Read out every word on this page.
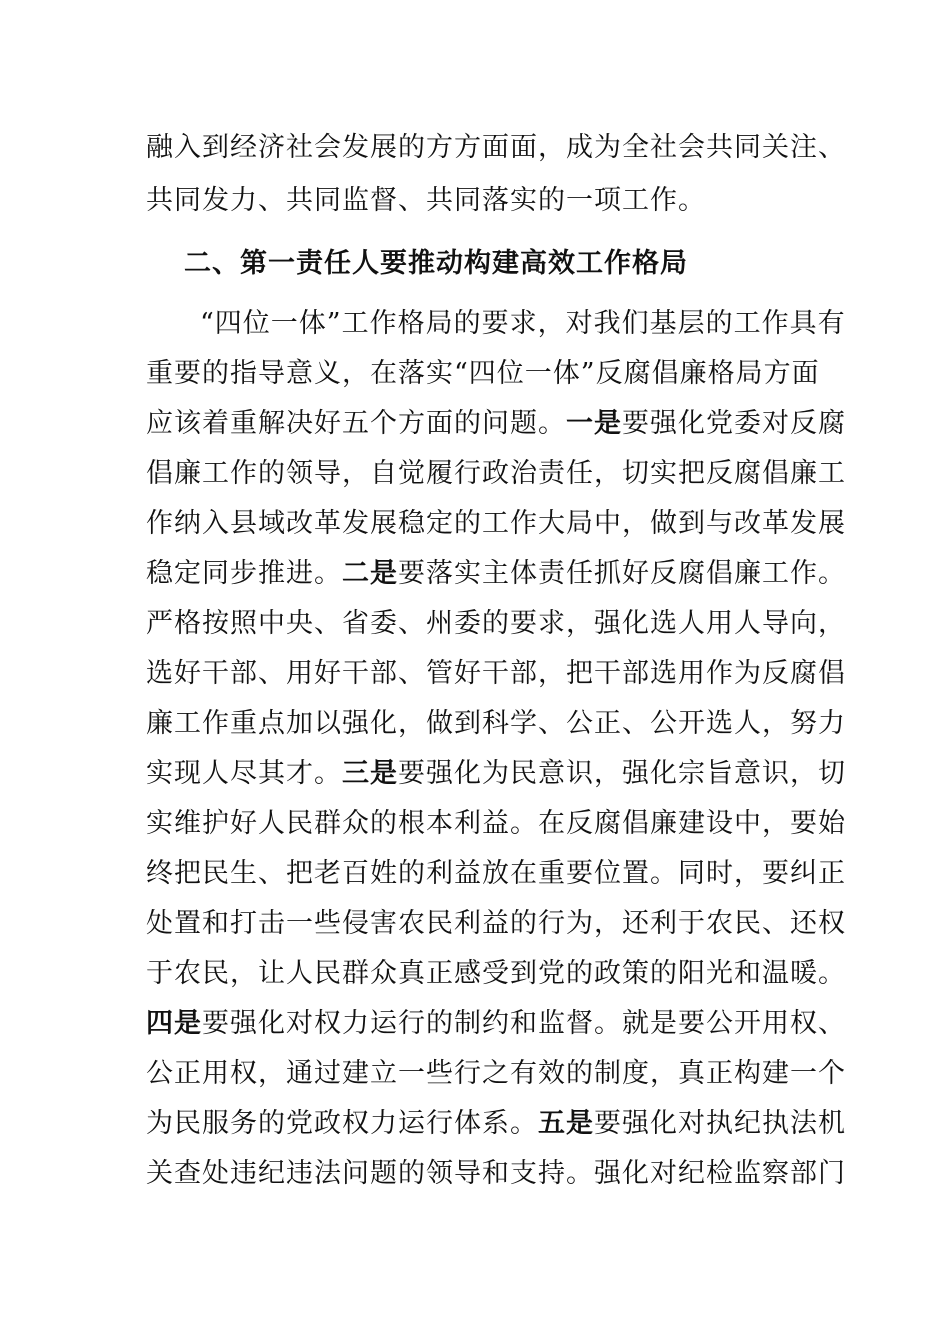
融入到经济社会发展的方方面面，成为全社会共同关注、
共同发力、共同监督、共同落实的一项工作。
二、第一责任人要推动构建高效工作格局
“四位一体”工作格局的要求，对我们基层的工作具有
重要的指导意义，在落实“四位一体”反腐倡廉格局方面
应该着重解决好五个方面的问题。一是要强化党委对反腐
倡廉工作的领导，自觉履行政治责任，切实把反腐倡廉工
作纳入县域改革发展稳定的工作大局中，做到与改革发展
稳定同步推进。二是要落实主体责任抓好反腐倡廉工作。
严格按照中央、省委、州委的要求，强化选人用人导向，
选好干部、用好干部、管好干部，把干部选用作为反腐倡
廉工作重点加以强化，做到科学、公正、公开选人，努力
实现人尽其才。三是要强化为民意识，强化宗旨意识，切
实维护好人民群众的根本利益。在反腐倡廉建设中，要始
终把民生、把老百姓的利益放在重要位置。同时，要纠正
处置和打击一些侵害农民利益的行为，还利于农民、还权
于农民，让人民群众真正感受到党的政策的阳光和温暖。
四是要强化对权力运行的制约和监督。就是要公开用权、
公正用权，通过建立一些行之有效的制度，真正构建一个
为民服务的党政权力运行体系。五是要强化对执纪执法机
关查处违纪违法问题的领导和支持。强化对纪检监察部门
